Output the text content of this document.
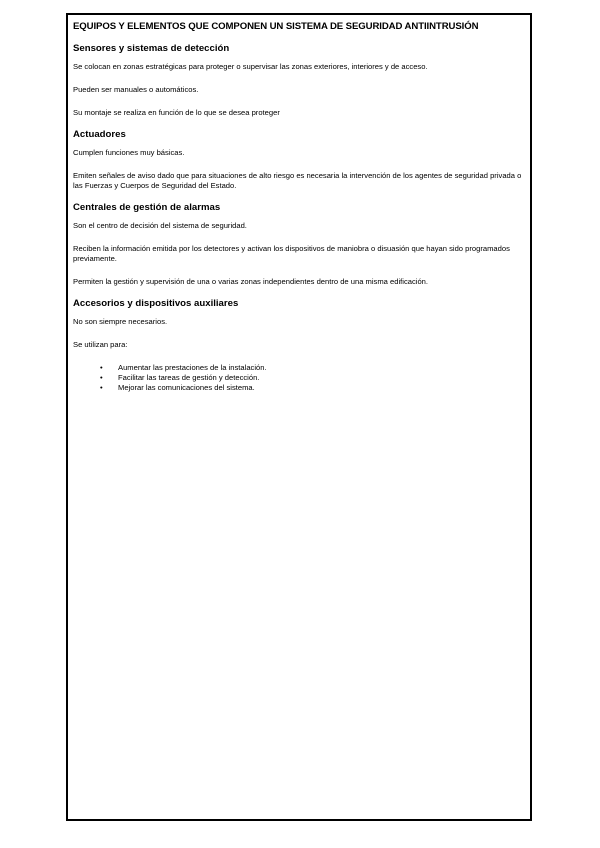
EQUIPOS Y ELEMENTOS QUE COMPONEN UN SISTEMA DE SEGURIDAD ANTIINTRUSIÓN
Sensores y sistemas de detección

Se colocan en zonas estratégicas para proteger o supervisar las zonas exteriores, interiores y de acceso.

Pueden ser manuales o automáticos.

Su montaje se realiza en función de lo que se desea proteger

Actuadores

Cumplen funciones muy básicas.

Emiten señales de aviso dado que para situaciones de alto riesgo es necesaria la intervención de los agentes de seguridad privada o las Fuerzas y Cuerpos de Seguridad del Estado.

Centrales de gestión de alarmas

Son el centro de decisión del sistema de seguridad.

Reciben la información emitida por los detectores y activan los dispositivos de maniobra o disuasión que hayan sido programados previamente.

Permiten la gestión y supervisión de una o varias zonas independientes dentro de una misma edificación.

Accesorios y dispositivos auxiliares

No son siempre necesarios.

Se utilizan para:

• Aumentar las prestaciones de la instalación.
• Facilitar las tareas de gestión y detección.
• Mejorar las comunicaciones del sistema.
